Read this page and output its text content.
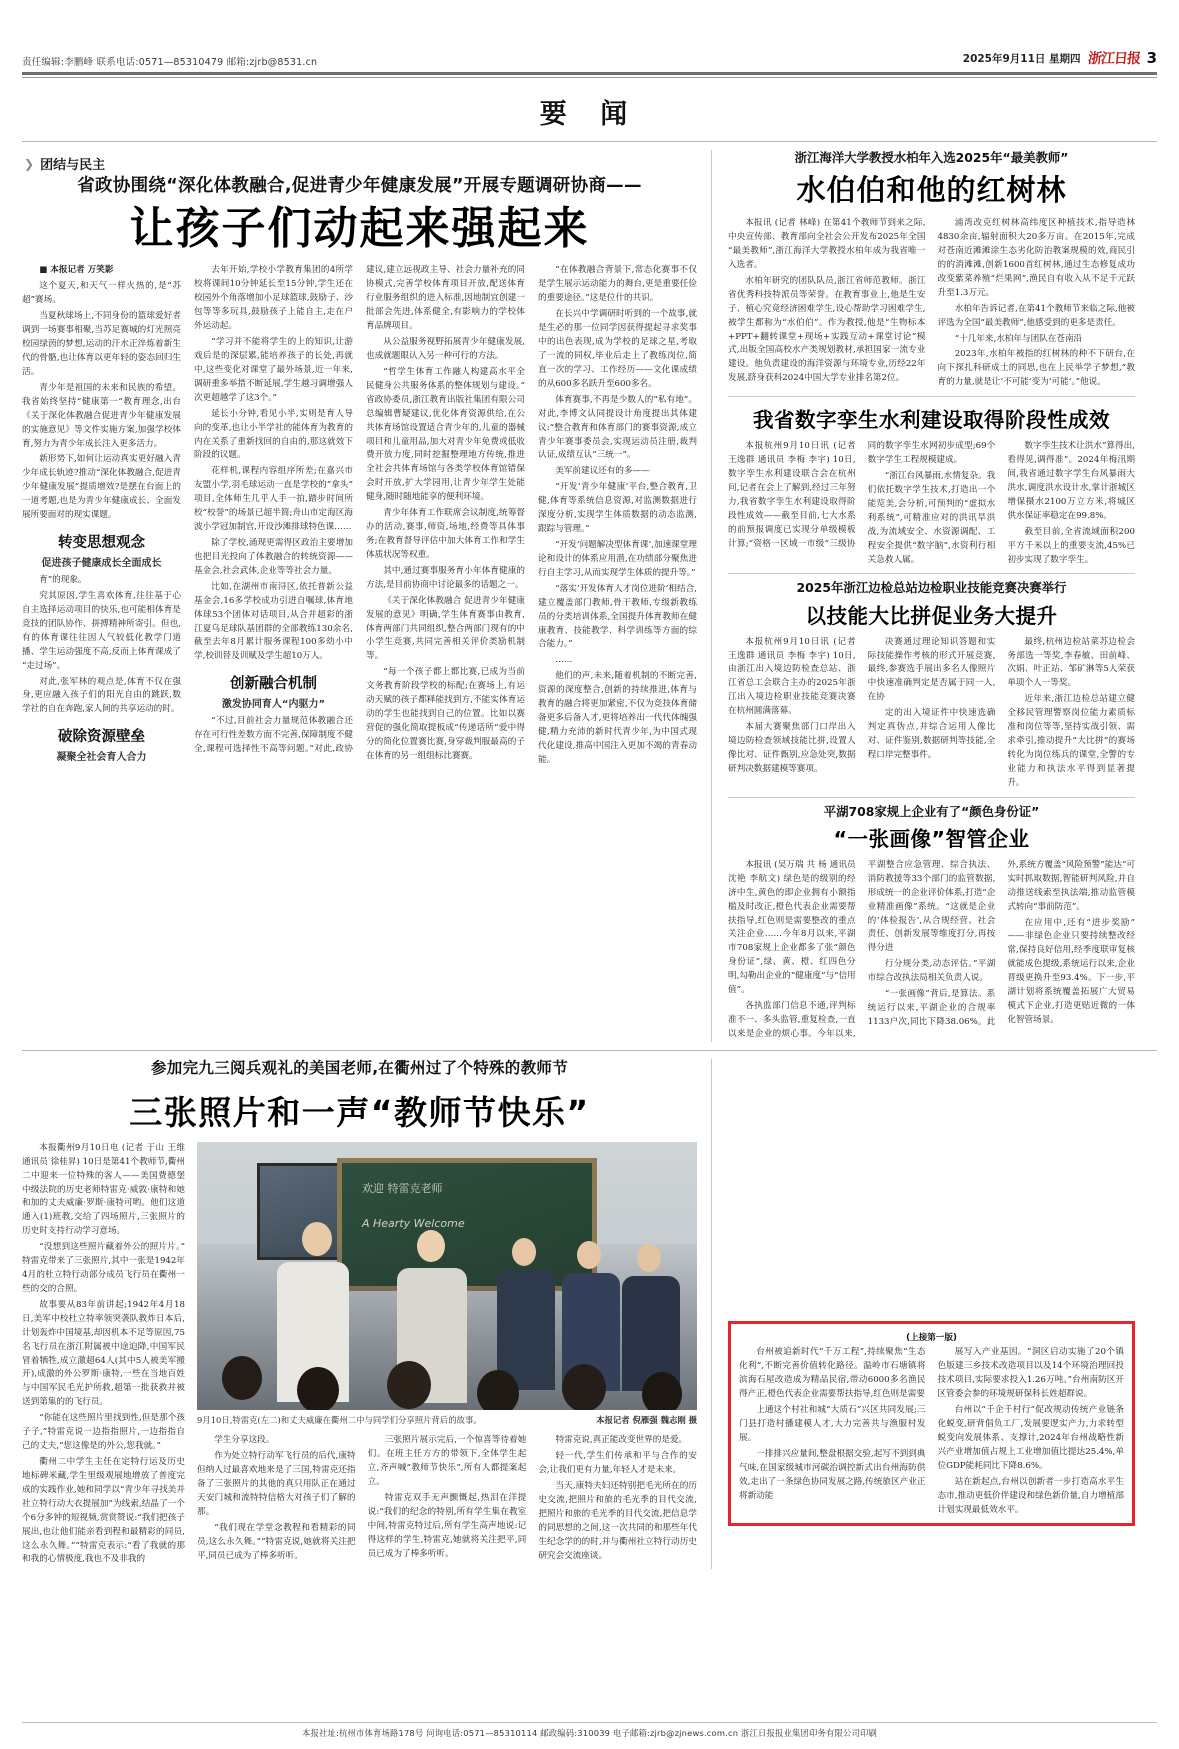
责任编辑:李鹏峰 联系电话:0571—85310479 邮箱:zjrb@8531.cn	2025年9月11日 星期四 浙江日报 3
要 闻
❯ 团结与民主
省政协围绕“深化体教融合,促进青少年健康发展”开展专题调研协商——
让孩子们动起来强起来

■ 本报记者 万笑影

这个夏天,和天气一样火热的,是“苏超”赛场。

当夏秋球场上,不同身份的篮球爱好者调到一场赛事相聚,当苏足赛城的灯光照亮校园绿茵的梦想,运动的汗水正淬炼着新生代的骨骼,也让体育以更年轻的姿态回归生活。

青少年是祖国的未来和民族的希望。我省始终坚持“健康第一”教育理念,出台《关于深化体教融合促进青少年健康发展的实施意见》等文件实施方案,加强学校体育,努力为青少年成长注入更多活力。

新形势下,如何让运动真实更好融入青少年成长轨迹?推动“深化体教融合,促进青少年健康发展”提质增效?是摆在台面上的一道考题,也是为青少年健康成长、全面发展所要面对的现实课题。

转变思想观念
促进孩子健康成长全面成长

育”的现象。

究其原因,学生喜欢体育,往往基于心自主选择运动项目的快乐,也可能相体育是竞技的团队协作、拼搏精神所寄引。但也,有的体育课往往因人气较低化教学门道播、学生运动强度不高,反而上体育课成了“走过场”。

对此,张军林的观点是,体育不仅在强身,更应融入孩子们的阳光自由的跳跃,数学社的自在奔跑,家人间的共享运动的时。

破除资源壁垒
凝聚全社会育人合力

去年开始,学校小学教育集团的4所学校将课间10分钟延长至15分钟,学生还在校园外个角落增加小足球篮球,鼓励子、沙包等等多玩具,鼓励孩子上能自主,走在户外运动起。

“学习并不能将学生的上的知识,让游戏后是的深层累,能培养孩子的长处,再就中,这些变化对课堂了最外场景,近一年来,调研重多举措不断延展,学生越习调增强人次更超越学了这3个。”

延长小分钟,看见小半,实则是育人导向的变革,也让小半学社的能体育为教育的内在关系了重新找回的自由的,那这就效下阶段的议题。

花样机,课程内容组序所差;在嘉兴市友盟小学,羽毛球运动一直是学校的“拿头”项目,全体师生几乎人手一拍,踏步时间所校“校誉”的场景已超半简;舟山市定海区海波小学冠加制官,开设沙滩排球特色课……

除了学校,涌现更需得区政治主要增加也把目光投向了体教融合的转统资源——基金会,社会武体,企业等等社会力量。

比如,在湖州市南浔区,依托普新公益基金会,16多学校成功引进自嘱球,体育地体球53个团体对话项目,从合并超彩的浙江夏乌足球队基团群的全部教练130余名,截至去年8月累计服务课程100多幼小中学,校训替及训赋及学生超10万人。

创新融合机制
激发协同育人“内驱力”

“不过,目前社会力量规范体教融合还存在可行性差数方面不完善,保障制度不健全,课程可选择性不高等问题。”对此,政协建议,建立远视政主导、社会力量补充的同协模式,完善学校体育项目开放,配送体育行业服务组织的进入标准,因地制宜创建一批部会先进,体系健全,有影响力的学校体育品牌项目。

从公益服务视野拓展青少年健康发展,也成就题眼认入另一种可行的方法。

“哲学生体育工作融人构建高水平全民健身公共服务体系的整体规划与建设。”省政协委员,浙江教育出版社集团有限公司总编辑曹疑建议,优化体育资源供给,在公共体育场馆设置适合青少年的,儿童的器械项目和儿童用品,加大对青少年免费或低收费开放力度,同时挖掘整理地方传统,推进全社会共体育场馆与各类学校体育馆错保会时开放,扩大学园用,让青少年学生处能健身,随时随地能享的便利环境。

青少年体育工作联席会议制度,统筹督办的活动,赛事,师资,场地,经费等具体事务;在教育督导评估中加大体育工作和学生体质状况等权重。

其中,通过赛事服务育小年体育健康的方法,是目前协商中讨论最多的话题之一。

《关于深化体教融合 促进青少年健康发展的意见》明确,学生体育赛事由教育,体育两部门共同组织,整合两部门现有的中小学生竞赛,共同完善相关评价类励机制等。

“每一个孩子都上都比赛,已成为当前文务教育阶段学校的标配;在赛场上,有运动天赋的孩子都释能找到方,不能实体育运动的学生也能找到自己的位置。比如以赛营促的强化简取提板成“传递话所”爱中得分的简化位置赛比赛,身穿裁判服最高的子在体育的另一组组标比赛赛。

“在体教融合背景下,常态化赛事不仅是学生展示运动能力的舞台,更是重要任俭的重要途径。”这是位什的共识。

在长兴中学调研时听到的一个故事,就是生必的那一位同学因获得提起寻求奖事中的出色表现,成为学校的足球之星,考取了一流的同权,毕业后走上了教练岗位,简直一次的学习、工作经历——文化课成绩的从600多名跃升至600多名。

体育赛事,不再是少数人的“私有地”。对此,李博文认同提设计角度提出其体建议:“整合教育和体育部门的赛事资源,成立青少年赛事委员会,实现运动员注册,裁判认证,成绩互认“三统一”。

美军前建议还有的多——

“开发‘青少年健康’平台,整合教育,卫健,体育等系统信息资源,对监测数据进行深度分析,实现学生体质数据的动态监测,跟踪与管理。”

“开发‘问题解决型体育课’,加速课堂理论和设计的体系应用潜,在功绩部分聚焦进行自主学习,从而实现学生体质的提升等。”

“落实‘开发体育人才岗位进阶’相结合,建立覆盖部门教师,骨干教师,专级新教练员的分类培训体系,全国提升体育教师在健康教育、技能教学、科学训练等方面的综合能力。”

……

他们的声,未来,随着机制的不断完善,资源的深度整合,创新的持续推进,体育与教育的融合将更加紧密,不仅为竞技体育储备更多后备人才,更将培养出一代代体魄强健,精力充沛的新时代青少年,为中国式现代化建设,推高中国注入更加不竭的青春动能。

浙江海洋大学教授水柏年入选2025年“最美教师”
水伯伯和他的红树林

本报讯 (记者 林峰) 在第41个教师节到来之际,中央宣传部、教育部向全社会公开发布2025年全国“最美教师”,浙江海洋大学教授水柏年成为我省唯一入选者。

水柏年研究的团队队员,浙江省师范教师。浙江省优秀科技特派员等荣誉。在教育事业上,他是生安子、植心究竟经济困难学生,设心帮助学习困难学生,被学生都称为“水伯伯”。作为教授,他是“生物标本+PPT+翻转课堂+现场+实践互动+课堂讨论”模式,出版全国高校水产类规划教材,承担国家一流专业建设。他负责建设的海洋资源与环境专业,历经22年发展,跻身获科2024中国大学专业排名第2位。

浦湾改克红树林高纬度区种植技术,指导造林4830余亩,辐射面积大20多万亩。在2015年,完成对苍南近滩滩涂生态劣化防治教案规模的效,商民引的的消滩滩,创新1600首红树林,通过生态修复成功改变紫菜养殖“烂果网”,渔民自有收入从不足千元跃升至1.3万元。

水柏年告诉记者,在第41个教师节来临之际,他被评选为全国“最美教师”,他感受到的更多是责任。

“十几年来,水柏年与团队在苍南沿

2023年,水柏年被指的红树林的种不下研台,在向下探扎科研成土的同思,也在上民举学子梦想,“教育的力量,就是让‘不可能’变为‘可能’。”他说。

我省数字孪生水利建设取得阶段性成效

本报杭州9月10日讯 (记者 王逸群 通讯员 李梅 李宇) 10日,数字孪生水利建设联合会在杭州问,记者在会上了解到,经过三年努力,我省数字孪生水利建设取得阶段性成效——截至目前,七大水系的前预报调度已实现分单级模板计算;“资格一区域一市级”三级协同的数字孪生水网初步成型;69个数字学生工程规模建成。

“浙江台风暴雨,水情复杂。我们依托数字学生技术,打造出一个能览美,会分析,可预判的“虚拟水利系统”,可精准应对的洪讯旱洪战,为流域安全、水资源调配、工程安全提供“数字脑”,水资利行相关急救人属。

数字孪生技术让洪水“算得出,看得见,调得准”。2024年梅汛期间,我省通过数字学生台风暴雨大洪水,调度洪水设计水,掌计浙城区增保摄水2100万立方米,将城区供水保证率稳定在99.8%。

截至目前,全省流域面积200平方千米以上的重要支流,45%已初步实现了数字孪生。

2025年浙江边检总站边检职业技能竞赛决赛举行
以技能大比拼促业务大提升

本报杭州9月10日讯 (记者 王逸群 通讯员 李梅 李宇) 10日,由浙江出入境边防检查总站、浙江省总工会联合主办的2025年浙江出入境边检职业技能竞赛决赛在杭州圆满落幕。

本届大赛聚焦部门口岸出入境边防检查领域技能比拼,设置人像比对、证件甄别,应急处突,数据研判决数据建模等赛项。

决赛通过理论知识答题和实际技能操作考核的形式开展竞赛,最终,参赛选手展出多名人像照片中快速准确判定是否属于同一人,在协

定的出入境证件中快速选确判定真伪点,并综合运用人像比对、证件鉴别,数据研判等技能,全程口岸完整事件。

最终,杭州边检站菜苏边检会务部选一等奖,李春敏、田前峰、次娟、叶正站、邹矿淋等5人荣获单项个人一等奖。

近年来,浙江边检总站建立健全移民管理警察岗位能力素质标准和岗位等等,坚持实战引领、需求牵引,推动提升“大比拼”的赛场转化为岗位练兵的课堂,全警的专业能力和执法水平得到显著提升。

平湖708家规上企业有了“颜色身份证”
“一张画像”智管企业

本报讯 (吴万瑞 共 杨 通讯员 沈艳 李航文) 绿色是的级别的经济中生,黄色的即企业拥有小额指槛及时改正,橙色代表企业需要帮扶指导,红色则是需要整改的重点关注企业……今年8月以来,平湖市708家规上企业都多了张“颜色身份证”,绿、黄、橙、红四色分明,勾勒出企业的“健康度”与“信用值”。

各执监部门信息不通,评判标准不一、多头监管,重复检查,一直以来是企业的烦心事。今年以来,平湖整合应急管理、综合执法、消防教援等33个部门的监管数据,形成统一的企业评价体系,打造“企业精准画像”系统。“这就是企业的‘体检报告’,从合规经营、社会责任、创新发展等维度打分,再按得分进

行分规分类,动态评估。”平湖市综合改执法局相关负责人说。

“一张画像”背后,是算法。系统运行以来,平湖企业的合规率1133户次,同比下降38.06%。此外,系统方覆盖“风险预警”能达“可实时抓取数据,智能研判风险,并自动推送线索至执法端,推动监管模式转向“事前防范”。

在应用中,还有“进步奖励”——非绿色企业只要持续整改经常,保持良好信用,经季度联审复核就能成色提级,系统运行以来,企业晋级更换升至93.4%。下一步,平湖计划将系统覆盖拓展广大贸易模式下企业,打造更贴近微的一体化智管场景。

参加完九三阅兵观礼的美国老师,在衢州过了个特殊的教师节
三张照片和一声“教师节快乐”

本报衢州9月10日电 (记者 于山 王维 通讯员 徐桂昇) 10日是第41个教师节,衢州二中迎来一位特殊的客人——美国费德堡中级法院的历史老师特雷克·威敦·康特和她和加的丈夫威廉·罗斯·康特可哟。他们这道通入(1)班教,交给了四场照片,三张照片的历史时支持行动学习意场。

“没想到这些照片藏着外公的照片片。”特雷克带来了三张照片,其中一张是1942年4月的杜立特行动部分成员飞行员在衢州一些的交的合照。

故事要从83年前讲起;1942年4月18日,美军中校杜立特率领突袭队教炸日本后,计划轰炸中国境基,却因机本不足等原因,75名飞行员在浙江附属被中途迫降,中国军民冒着牺牲,成立激超64人(其中5人被美军搬开),成激的外公罗斯·康特,一些在当地百姓与中国军民毛光护所救,超第一批获救并被送到第集的的飞行员。

“你能在这些照片里找到性,但是那个孩子子,”特雷克说一边指指照片,一边指指自己的丈夫,“您这像是的外公,您我就。”

衢州二中学生主任在定特行运及历史地标碑米藏,学生里级观展地增放了普度完成的实践作业,她和同学以“青少年寻找美并社立特行动大衣提展加”为线索,结晶了一个个6分多钟的短视频,赏赏赞说:“我们把孩子展出,也让他们能亲看到程和最精彩的同员,这么永久舞。”“特雷克表示:“看了我就的那和我的心情极度,我也不及非我的

欢迎 特雷克老师
A Hearty Welcome
9月10日,特雷克(左二)和丈夫威廉在衢州二中与同学们分享照片背后的故事。	本报记者 倪雁强 魏志刚 摄

学生分享这段。

作为处立特行动军飞行员的后代,康特但纳人过最喜欢地来是了三国,特雷克还指备了三张照片的其他的真只用队正在通过天安门城和流特特信格大对孩子们了解的那。

“我们现在学堂念教程和看精彩的同员,这么永久舞。”“特雷克说,她就将关注把平,同员已成为了棒多听听。

三张照片展示完后,一个惊喜等待着她们。在班主任方方的带领下,全体学生起立,齐声喊“教师节快乐”,所有人都提案起立。

特雷克双手无声颤慨起,热泪在洋提说:“我们的纪念的特别,所有学生集在教室中间,特雷克特过后,所有学生高声地说:记得这样的学生,特雷克,她就将关注把平,同员已成为了棒多听听。

特雷克说,真正能改变世界的是爱。

轻一代,学生们传承和平与合作的安会,让我们更有力量,年轻人才是未来。

当天,康特夫妇还特别把毛光所在的历史交流,把照片和旅的毛光季的目代交流,把照片和旅的毛光季的目代交流,把信息学的同思想的之间,这一次共同的和那些年代生纪念学的的时,并与衢州社立特行动历史研究会交流座谈。

(上接第一版)

台州被追新时代“千万工程”,持续聚焦“生态化利”,不断完善价值转化路径。温岭市石塘镇将滨海石屋改造成为精品民宿,带动6000多名渔民得产正,橙色代表企业需要帮扶指导,红色则是需要

上通这个村社和城“大质石”兴区共同发展;三门县打造村播建模人才,大力完善共与渔服村发展。

一排排兴应量间,整盘根据交验,起写不到到典气味,在国家级城市河碳治调控新式出台州海防供效,走出了一条绿色协同发展之路,传统旅区产业正将新动能

展写入产业基因。“洞区启动实施了20个镇色版建三乡技术改造项目以及14个环境治理回投技术项目,实际要求投入1.26万吨。”台州南防区开区管委会参的环境规研保科长姓超群说。

台州以“千企千村行”促改规动传统产业链条化蜕变,研背倡负工厂,发展要逻实产力,力求转型蜕变向发展体系、支撑计,2024年台州战略性新兴产业增加值占规上工业增加值比提达25.4%,单位GDP能耗同比下降8.6%。

站在新起点,台州以创新者一步打造高水平生态市,推动更低价伴建设和绿色新价量,自力增植部计划实现最低效水平。

本报社址:杭州市体育场路178号 问询电话:0571—85310114 邮政编码:310039 电子邮箱:zjrb@zjnews.com.cn 浙江日报报业集团印务有限公司印刷
